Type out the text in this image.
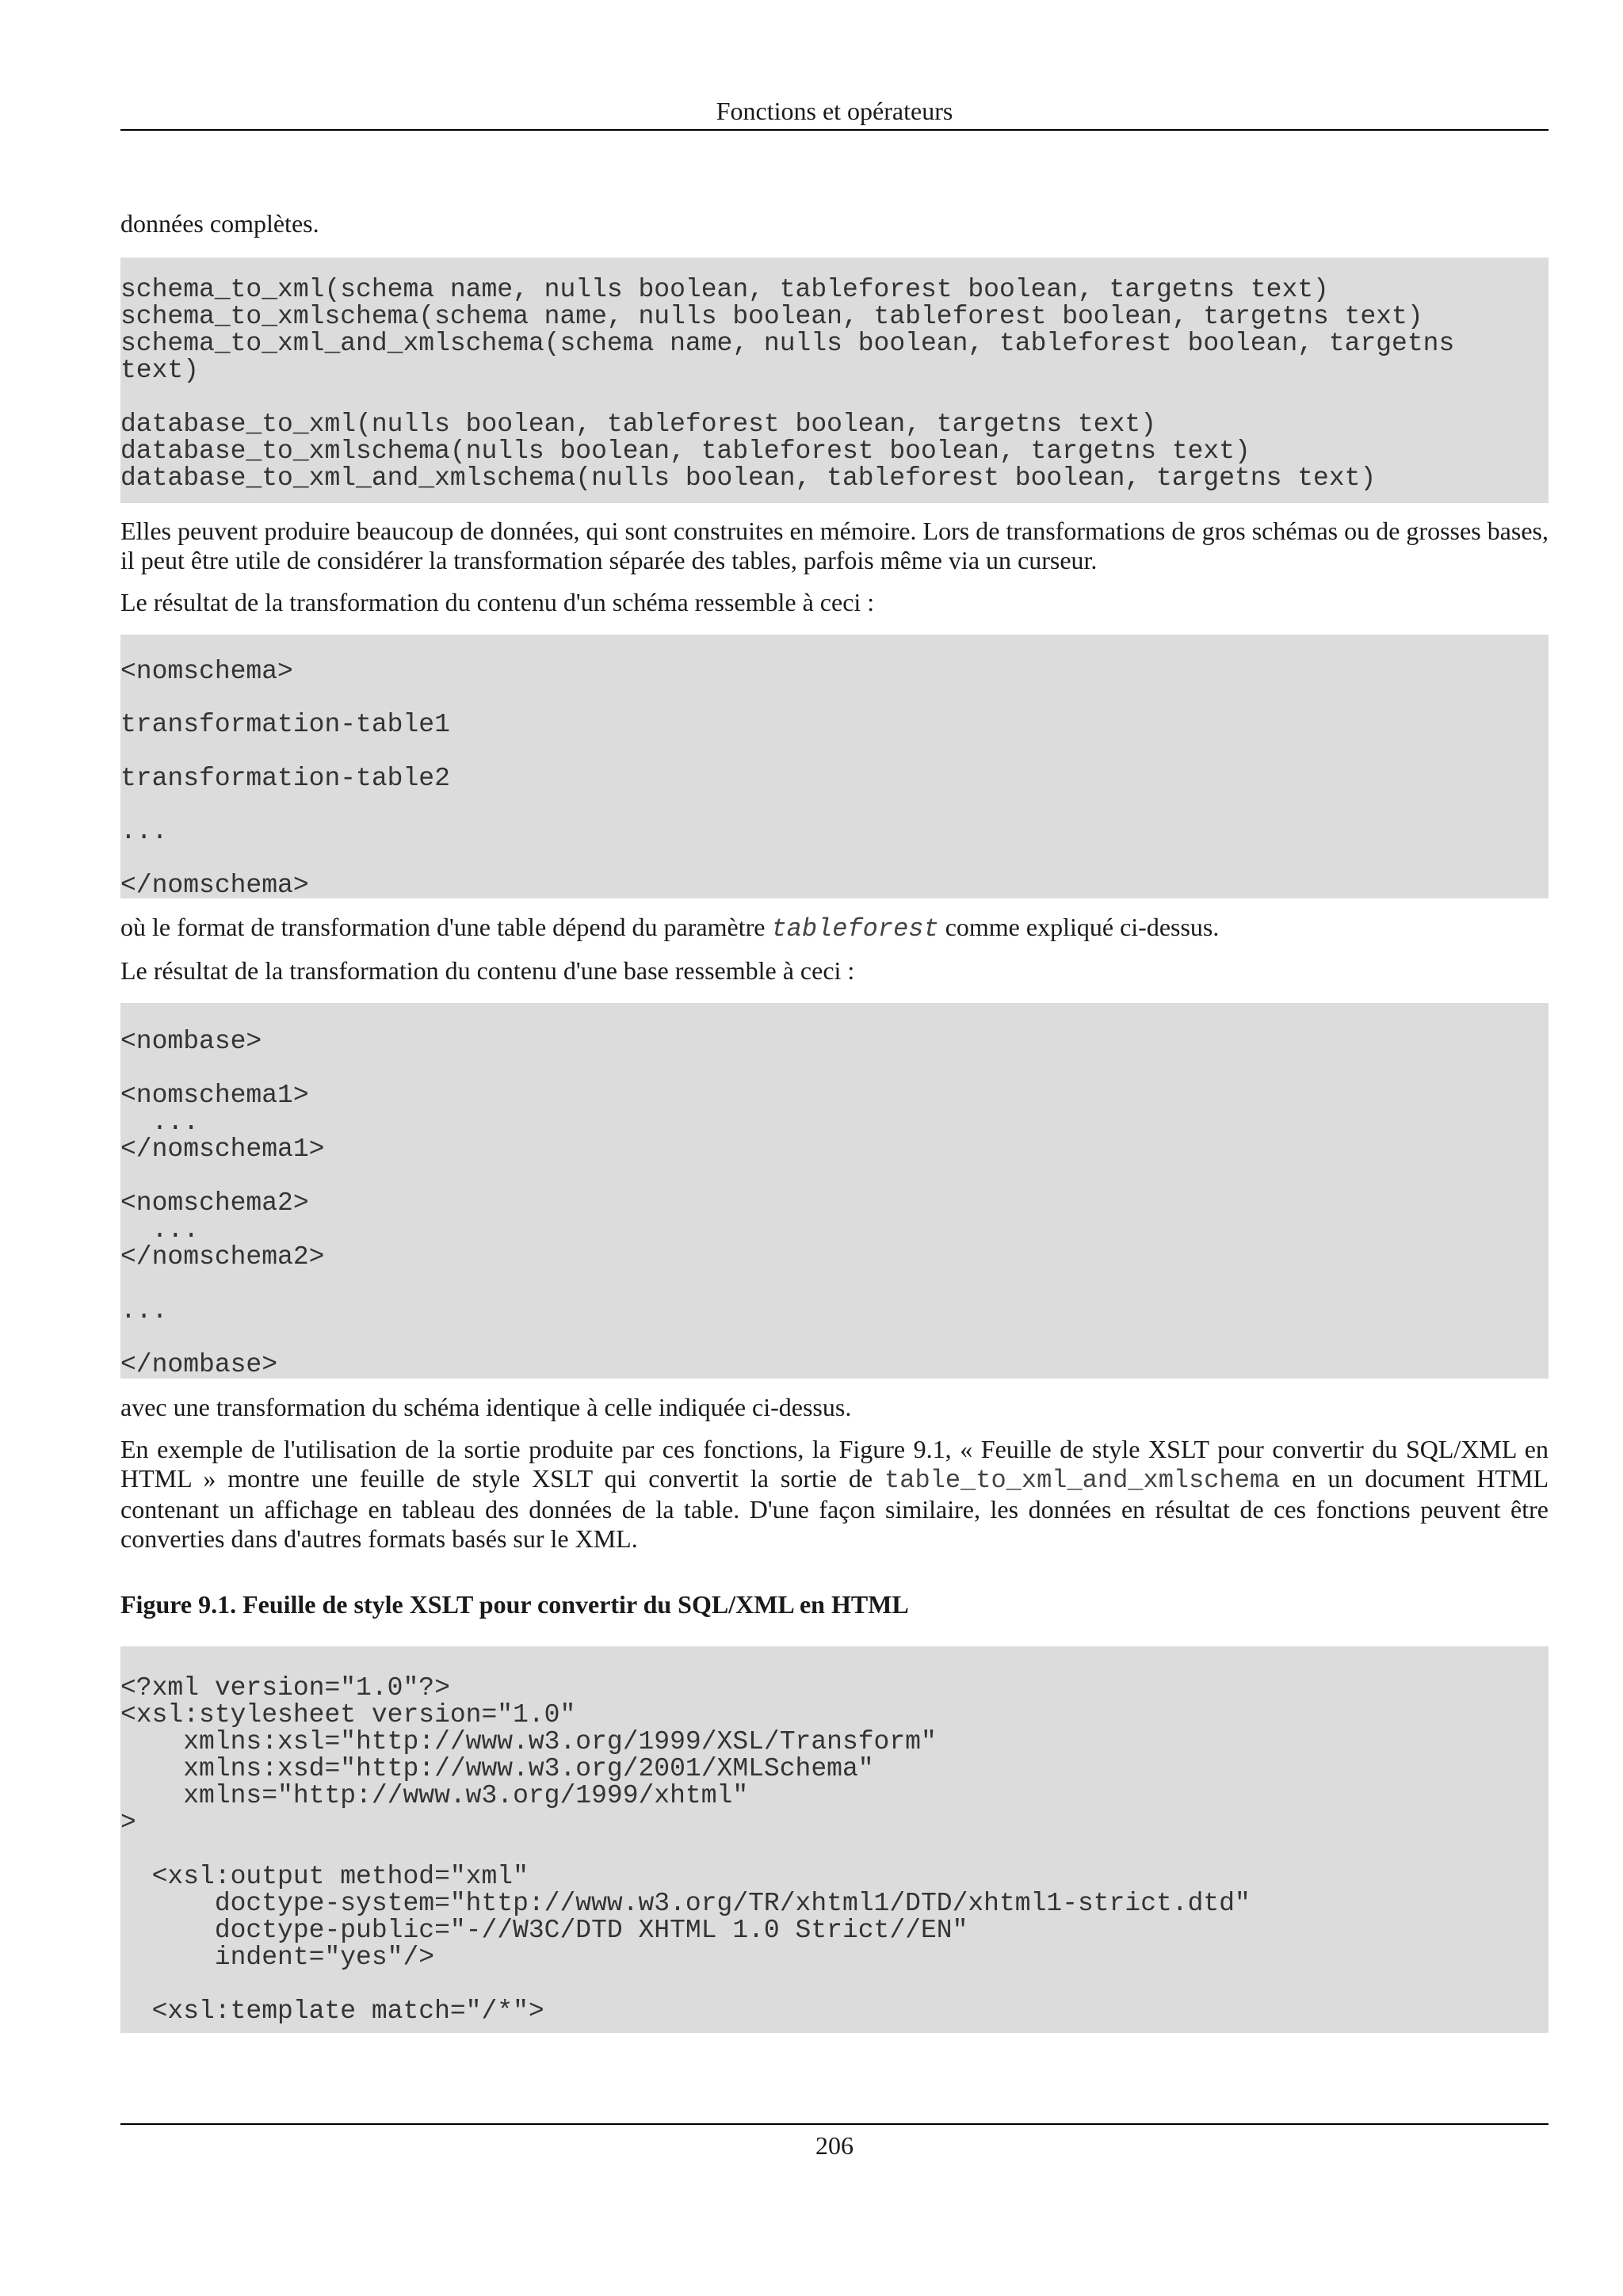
Fonctions et opérateurs

données complètes.

schema_to_xml(schema name, nulls boolean, tableforest boolean, targetns text)
schema_to_xmlschema(schema name, nulls boolean, tableforest boolean, targetns text)
schema_to_xml_and_xmlschema(schema name, nulls boolean, tableforest boolean, targetns
text)

database_to_xml(nulls boolean, tableforest boolean, targetns text)
database_to_xmlschema(nulls boolean, tableforest boolean, targetns text)
database_to_xml_and_xmlschema(nulls boolean, tableforest boolean, targetns text)

Elles peuvent produire beaucoup de données, qui sont construites en mémoire. Lors de transformations de gros schémas ou de grosses bases, il peut être utile de considérer la transformation séparée des tables, parfois même via un curseur.

Le résultat de la transformation du contenu d'un schéma ressemble à ceci :

<nomschema>

transformation-table1

transformation-table2

...

</nomschema>

où le format de transformation d'une table dépend du paramètre tableforest comme expliqué ci-dessus.

Le résultat de la transformation du contenu d'une base ressemble à ceci :

<nombase>

<nomschema1>
...
</nomschema1>

<nomschema2>
...
</nomschema2>

...

</nombase>

avec une transformation du schéma identique à celle indiquée ci-dessus.

En exemple de l'utilisation de la sortie produite par ces fonctions, la Figure 9.1, « Feuille de style XSLT pour convertir du SQL/XML en HTML » montre une feuille de style XSLT qui convertit la sortie de table_to_xml_and_xmlschema en un document HTML contenant un affichage en tableau des données de la table. D'une façon similaire, les données en résultat de ces fonctions peuvent être converties dans d'autres formats basés sur le XML.

Figure 9.1. Feuille de style XSLT pour convertir du SQL/XML en HTML

<?xml version="1.0"?>
<xsl:stylesheet version="1.0"
xmlns:xsl="http://www.w3.org/1999/XSL/Transform"
xmlns:xsd="http://www.w3.org/2001/XMLSchema"
xmlns="http://www.w3.org/1999/xhtml"
>

<xsl:output method="xml"
doctype-system="http://www.w3.org/TR/xhtml1/DTD/xhtml1-strict.dtd"
doctype-public="-//W3C/DTD XHTML 1.0 Strict//EN"
indent="yes"/>

<xsl:template match="/*">
206
